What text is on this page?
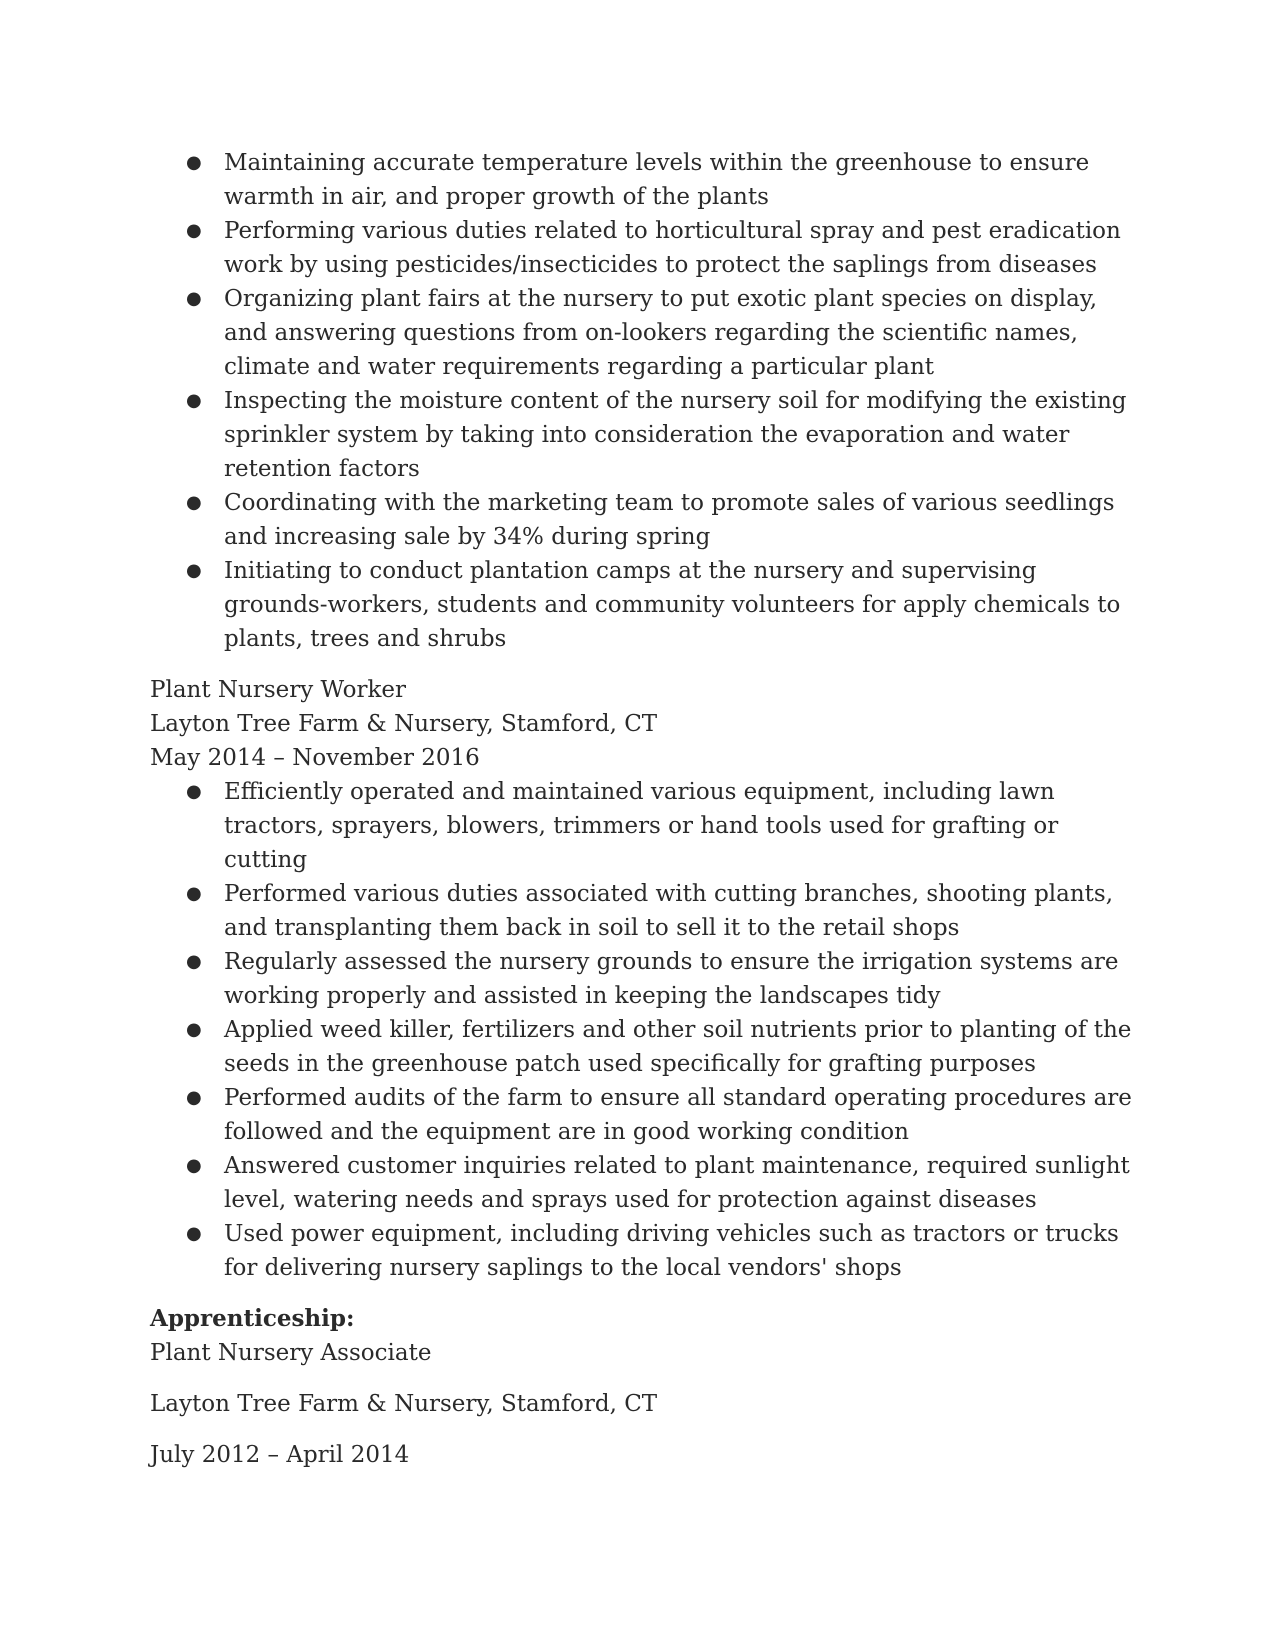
● Maintaining accurate temperature levels within the greenhouse to ensure warmth in air, and proper growth of the plants
● Performing various duties related to horticultural spray and pest eradication work by using pesticides/insecticides to protect the saplings from diseases
● Organizing plant fairs at the nursery to put exotic plant species on display, and answering questions from on-lookers regarding the scientific names, climate and water requirements regarding a particular plant
● Inspecting the moisture content of the nursery soil for modifying the existing sprinkler system by taking into consideration the evaporation and water retention factors
● Coordinating with the marketing team to promote sales of various seedlings and increasing sale by 34% during spring
● Initiating to conduct plantation camps at the nursery and supervising grounds-workers, students and community volunteers for apply chemicals to plants, trees and shrubs

Plant Nursery Worker

Layton Tree Farm & Nursery, Stamford, CT

May 2014 – November 2016

● Efficiently operated and maintained various equipment, including lawn tractors, sprayers, blowers, trimmers or hand tools used for grafting or cutting
● Performed various duties associated with cutting branches, shooting plants, and transplanting them back in soil to sell it to the retail shops
● Regularly assessed the nursery grounds to ensure the irrigation systems are working properly and assisted in keeping the landscapes tidy
● Applied weed killer, fertilizers and other soil nutrients prior to planting of the seeds in the greenhouse patch used specifically for grafting purposes
● Performed audits of the farm to ensure all standard operating procedures are followed and the equipment are in good working condition
● Answered customer inquiries related to plant maintenance, required sunlight level, watering needs and sprays used for protection against diseases
● Used power equipment, including driving vehicles such as tractors or trucks for delivering nursery saplings to the local vendors' shops

Apprenticeship:

Plant Nursery Associate

Layton Tree Farm & Nursery, Stamford, CT

July 2012 – April 2014
